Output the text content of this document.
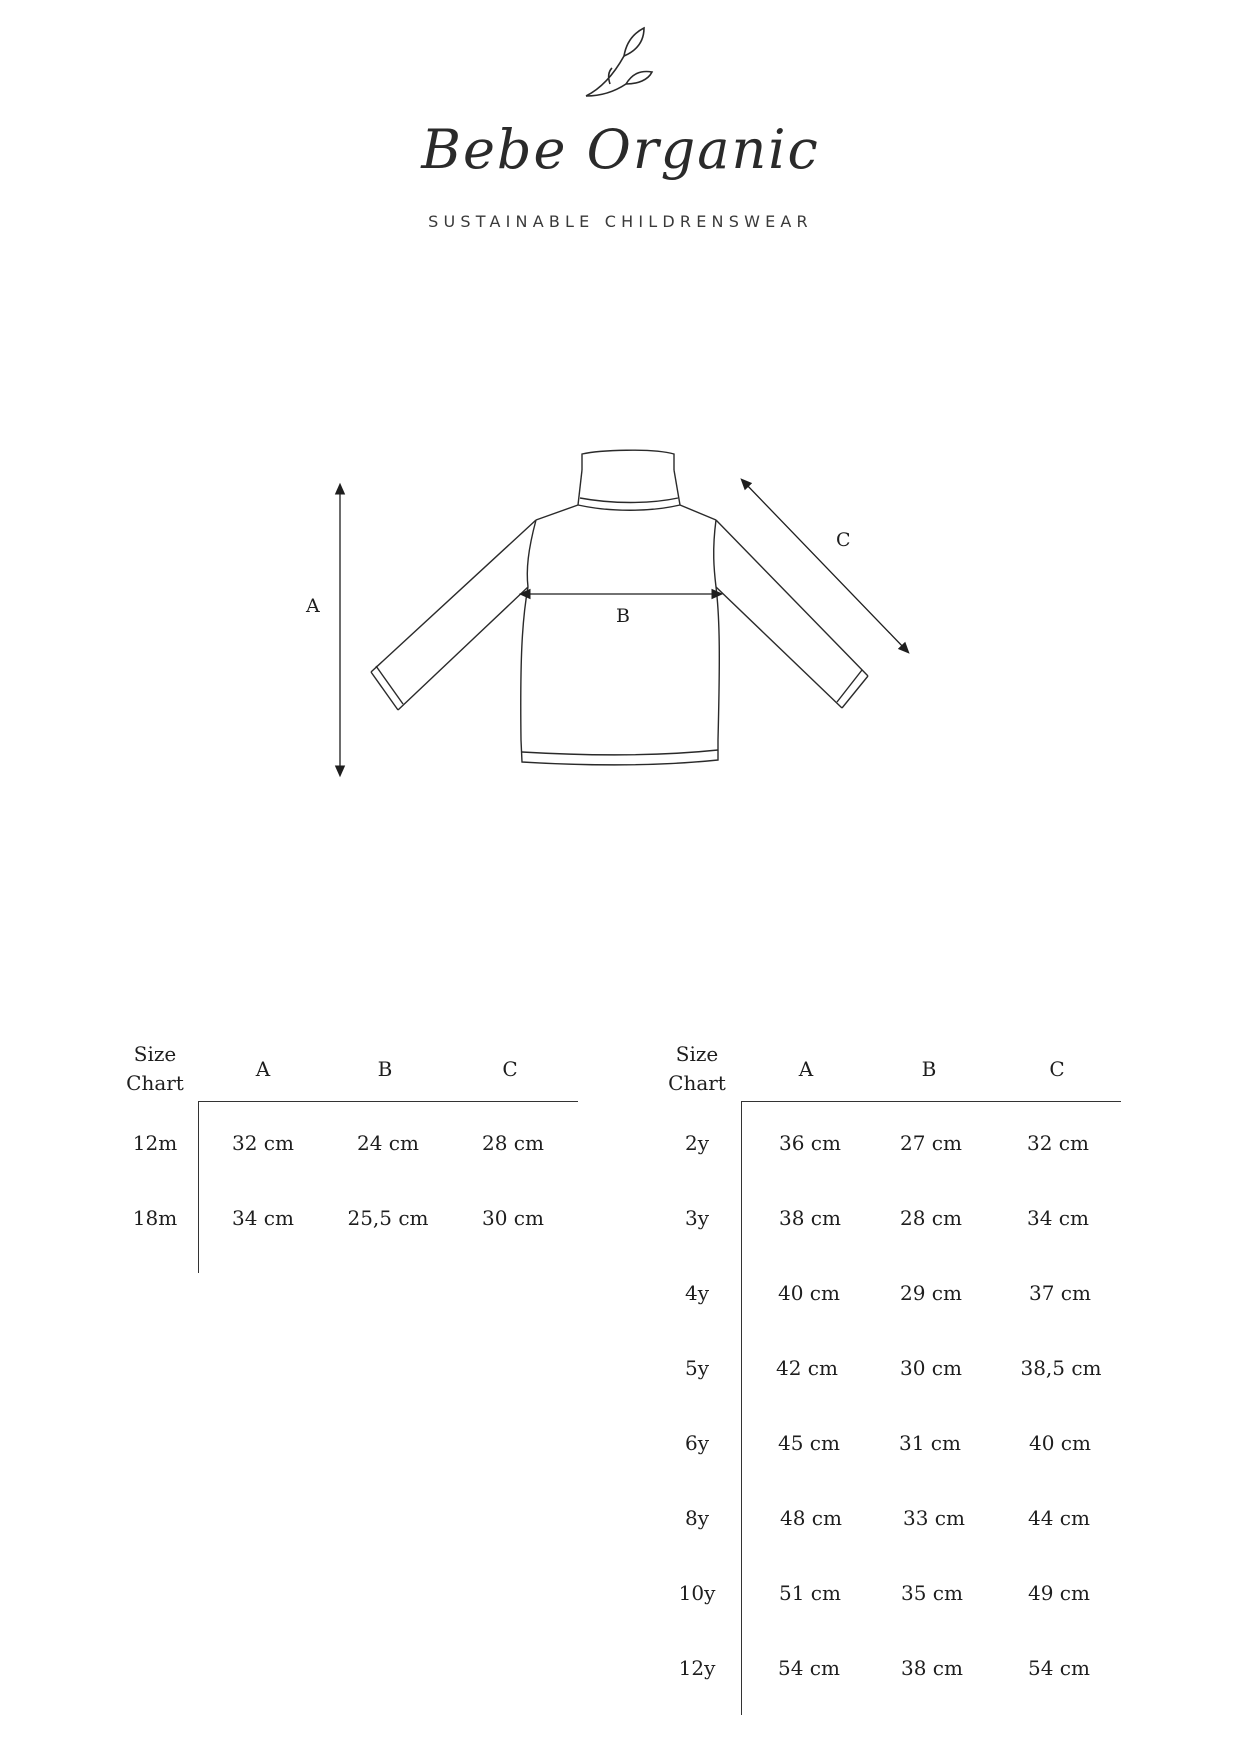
Bebe Organic
SUSTAINABLE CHILDRENSWEAR
A	B
C
Size
Chart
A	B	C
12m	32 cm	24 cm	28 cm
18m	34 cm	25,5 cm	30 cm
Size
Chart
A	B	C
2y	36 cm	27 cm	32 cm
3y	38 cm	28 cm	34 cm
4y	40 cm	29 cm	37 cm
5y	42 cm	30 cm	38,5 cm
6y	45 cm	31 cm	40 cm
8y	48 cm	33 cm	44 cm
10y	51 cm	35 cm	49 cm
12y	54 cm	38 cm	54 cm
